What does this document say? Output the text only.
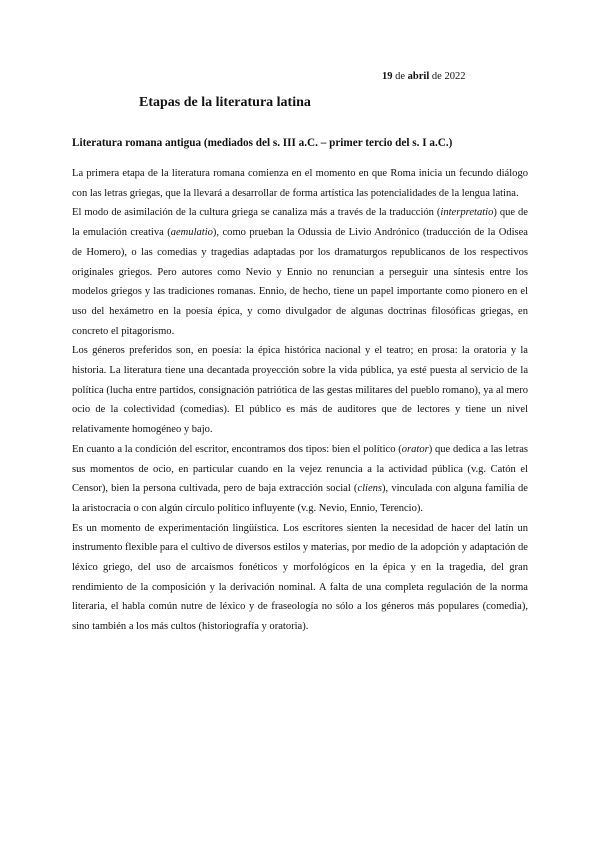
19 de abril de 2022
Etapas de la literatura latina
Literatura romana antigua (mediados del s. III a.C. – primer tercio del s. I a.C.)

La primera etapa de la literatura romana comienza en el momento en que Roma inicia un fecundo diálogo con las letras griegas, que la llevará a desarrollar de forma artística las potencialidades de la lengua latina.

El modo de asimilación de la cultura griega se canaliza más a través de la traducción (interpretatio) que de la emulación creativa (aemulatio), como prueban la Odussia de Livio Andrónico (traducción de la Odisea de Homero), o las comedias y tragedias adaptadas por los dramaturgos republicanos de los respectivos originales griegos. Pero autores como Nevio y Ennio no renuncian a perseguir una síntesis entre los modelos griegos y las tradiciones romanas. Ennio, de hecho, tiene un papel importante como pionero en el uso del hexámetro en la poesía épica, y como divulgador de algunas doctrinas filosóficas griegas, en concreto el pitagorismo.

Los géneros preferidos son, en poesía: la épica histórica nacional y el teatro; en prosa: la oratoria y la historia. La literatura tiene una decantada proyección sobre la vida pública, ya esté puesta al servicio de la política (lucha entre partidos, consignación patriótica de las gestas militares del pueblo romano), ya al mero ocio de la colectividad (comedias). El público es más de auditores que de lectores y tiene un nivel relativamente homogéneo y bajo.

En cuanto a la condición del escritor, encontramos dos tipos: bien el político (orator) que dedica a las letras sus momentos de ocio, en particular cuando en la vejez renuncia a la actividad pública (v.g. Catón el Censor), bien la persona cultivada, pero de baja extracción social (cliens), vinculada con alguna familia de la aristocracia o con algún círculo político influyente (v.g. Nevio, Ennio, Terencio).

Es un momento de experimentación lingüística. Los escritores sienten la necesidad de hacer del latín un instrumento flexible para el cultivo de diversos estilos y materias, por medio de la adopción y adaptación de léxico griego, del uso de arcaísmos fonéticos y morfológicos en la épica y en la tragedia, del gran rendimiento de la composición y la derivación nominal. A falta de una completa regulación de la norma literaria, el habla común nutre de léxico y de fraseología no sólo a los géneros más populares (comedia), sino también a los más cultos (historiografía y oratoria).
